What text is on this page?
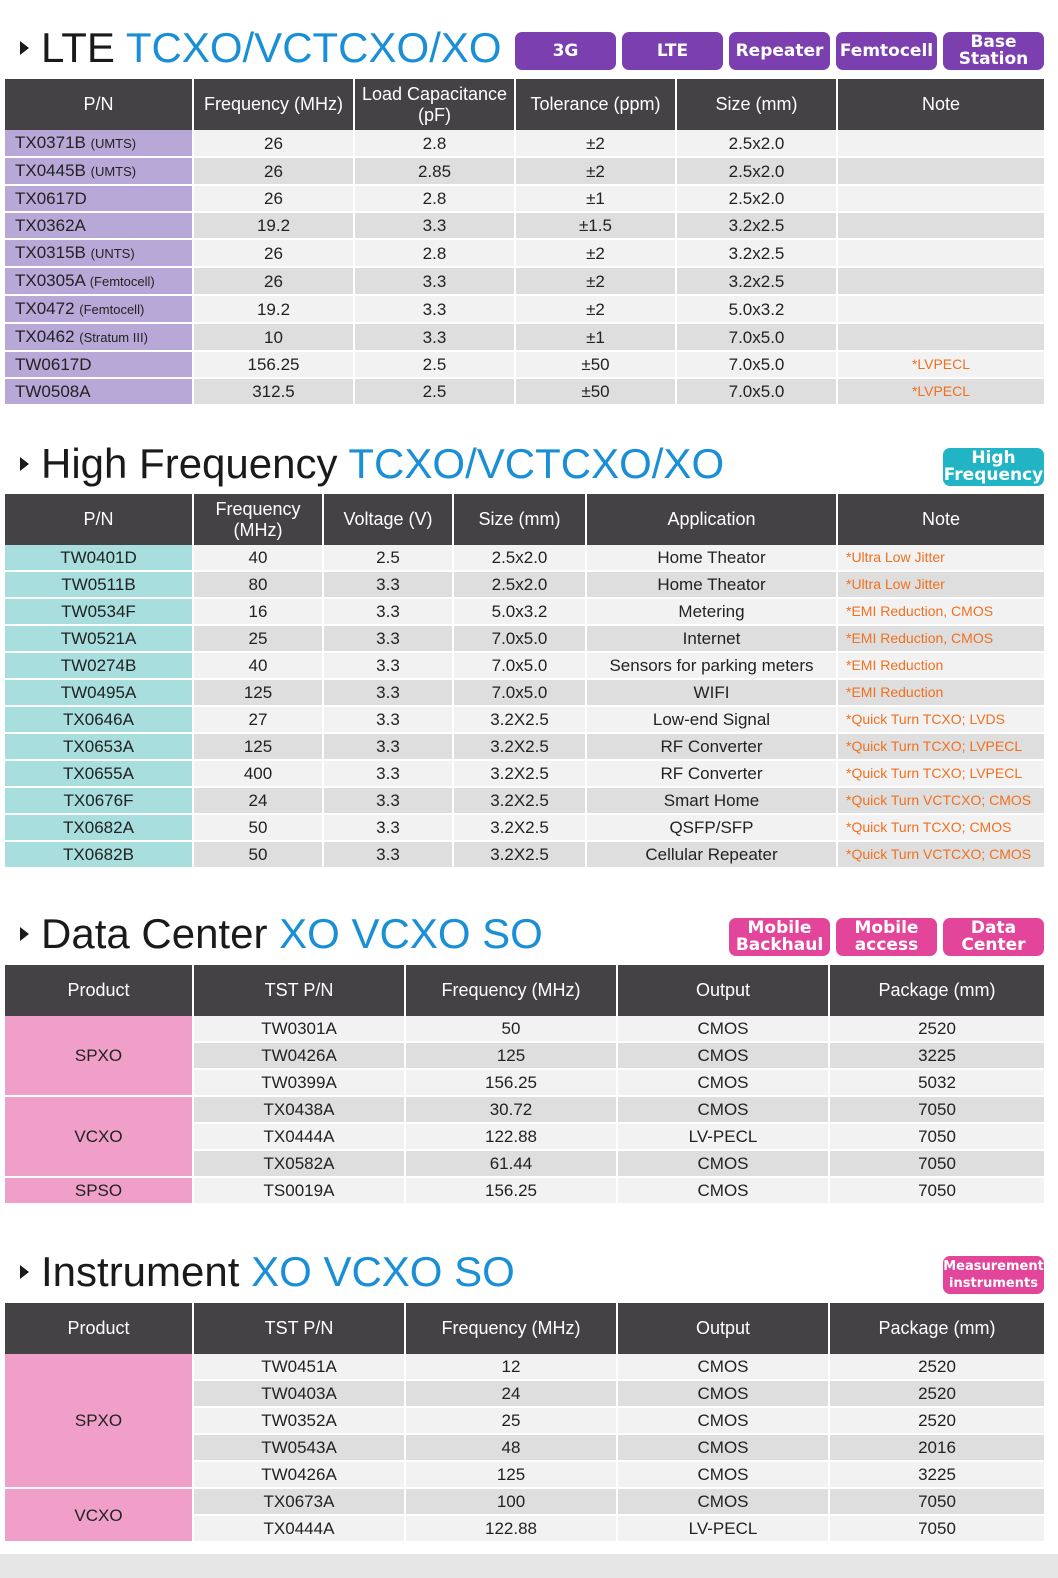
LTE TCXO/VCTCXO/XO	3G	LTE	Repeater Femtocell	Base Station
P/N	Frequency (MHz)	Load Capacitance (pF)	Tolerance (ppm)	Size (mm)	Note
TX0371B (UMTS)	26	2.8	±2	2.5x2.0	
TX0445B (UMTS)	26	2.85	±2	2.5x2.0	
TX0617D	26	2.8	±1	2.5x2.0	
TX0362A	19.2	3.3	±1.5	3.2x2.5	
TX0315B (UNTS)	26	2.8	±2	3.2x2.5	
TX0305A (Femtocell)	26	3.3	±2	3.2x2.5	
TX0472 (Femtocell)	19.2	3.3	±2	5.0x3.2	
TX0462 (Stratum III)	10	3.3	±1	7.0x5.0	
TW0617D	156.25	2.5	±50	7.0x5.0	*LVPECL
TW0508A	312.5	2.5	±50	7.0x5.0	*LVPECL
High Frequency TCXO/VCTCXO/XO	High Frequency
P/N	Frequency (MHz)	Voltage (V)	Size (mm)	Application	Note
TW0401D	40	2.5	2.5x2.0	Home Theator	*Ultra Low Jitter
TW0511B	80	3.3	2.5x2.0	Home Theator	*Ultra Low Jitter
TW0534F	16	3.3	5.0x3.2	Metering	*EMI Reduction, CMOS
TW0521A	25	3.3	7.0x5.0	Internet	*EMI Reduction, CMOS
TW0274B	40	3.3	7.0x5.0	Sensors for parking meters	*EMI Reduction
TW0495A	125	3.3	7.0x5.0	WIFI	*EMI Reduction
TX0646A	27	3.3	3.2X2.5	Low-end Signal	*Quick Turn TCXO; LVDS
TX0653A	125	3.3	3.2X2.5	RF Converter	*Quick Turn TCXO; LVPECL
TX0655A	400	3.3	3.2X2.5	RF Converter	*Quick Turn TCXO; LVPECL
TX0676F	24	3.3	3.2X2.5	Smart Home	*Quick Turn VCTCXO; CMOS
TX0682A	50	3.3	3.2X2.5	QSFP/SFP	*Quick Turn TCXO; CMOS
TX0682B	50	3.3	3.2X2.5	Cellular Repeater	*Quick Turn VCTCXO; CMOS
Data Center XO VCXO SO	Mobile Backhaul
Mobile access
Data Center
Product	TST P/N	Frequency (MHz)	Output	Package (mm)
SPXO	TW0301A	50	CMOS	2520
	TW0426A	125	CMOS	3225
	TW0399A	156.25	CMOS	5032
VCXO	TX0438A	30.72	CMOS	7050
	TX0444A	122.88	LV-PECL	7050
	TX0582A	61.44	CMOS	7050
SPSO	TS0019A	156.25	CMOS	7050
Instrument XO VCXO SO	Measurement instruments
Product	TST P/N	Frequency (MHz)	Output	Package (mm)
SPXO	TW0451A	12	CMOS	2520
	TW0403A	24	CMOS	2520
	TW0352A	25	CMOS	2520
	TW0543A	48	CMOS	2016
	TW0426A	125	CMOS	3225
VCXO	TX0673A	100	CMOS	7050
	TX0444A	122.88	LV-PECL	7050
